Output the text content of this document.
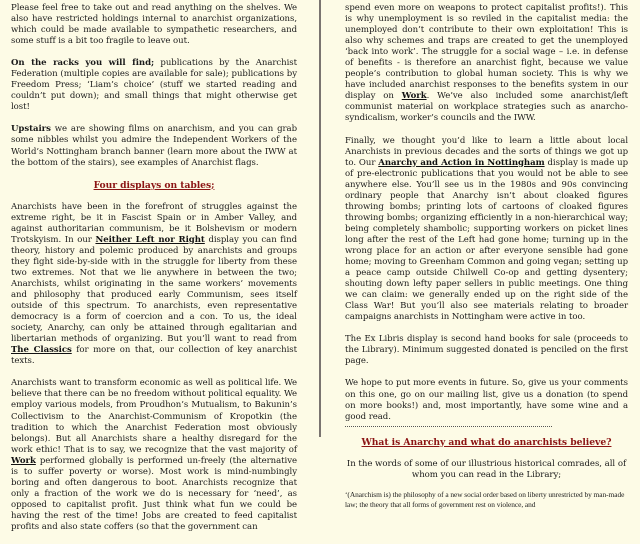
Please feel free to take out and read anything on the shelves. We also have restricted holdings internal to anarchist organizations, which could be made available to sympathetic researchers, and some stuff is a bit too fragile to leave out.

On the racks you will find; publications by the Anarchist Federation (multiple copies are available for sale); publications by Freedom Press; ‘Liam’s choice’ (stuff we started reading and couldn’t put down); and small things that might otherwise get lost!

Upstairs we are showing films on anarchism, and you can grab some nibbles whilst you admire the Independent Workers of the World’s Nottingham branch banner (learn more about the IWW at the bottom of the stairs), see examples of Anarchist flags.

Four displays on tables;

Anarchists have been in the forefront of struggles against the extreme right, be it in Fascist Spain or in Amber Valley, and against authoritarian communism, be it Bolshevism or modern Trotskyism. In our Neither Left nor Right display you can find theory, history and polemic produced by anarchists and groups they fight side-by-side with in the struggle for liberty from these two extremes. Not that we lie anywhere in between the two; Anarchists, whilst originating in the same workers’ movements and philosophy that produced early Communism, sees itself outside of this spectrum. To anarchists, even representative democracy is a form of coercion and a con. To us, the ideal society, Anarchy, can only be attained through egalitarian and libertarian methods of organizing. But you’ll want to read from The Classics for more on that, our collection of key anarchist texts.

Anarchists want to transform economic as well as political life. We believe that there can be no freedom without political equality. We employ various models, from Proudhon’s Mutualism, to Bakunin’s Collectivism to the Anarchist-Communism of Kropotkin (the tradition to which the Anarchist Federation most obviously belongs). But all Anarchists share a healthy disregard for the work ethic! That is to say, we recognize that the vast majority of Work performed globally is performed un-freely (the alternative is to suffer poverty or worse). Most work is mind-numbingly boring and often dangerous to boot. Anarchists recognize that only a fraction of the work we do is necessary for ‘need’, as opposed to capitalist profit. Just think what fun we could be having the rest of the time! Jobs are created to feed capitalist profits and also state coffers (so that the government can

spend even more on weapons to protect capitalist profits!). This is why unemployment is so reviled in the capitalist media: the unemployed don’t contribute to their own exploitation! This is also why schemes and traps are created to get the unemployed ‘back into work’. The struggle for a social wage – i.e. in defense of benefits - is therefore an anarchist fight, because we value people’s contribution to global human society. This is why we have included anarchist responses to the benefits system in our display on Work. We’ve also included some anarchist/left communist material on workplace strategies such as anarcho-syndicalism, worker’s councils and the IWW.

Finally, we thought you’d like to learn a little about local Anarchists in previous decades and the sorts of things we got up to. Our Anarchy and Action in Nottingham display is made up of pre-electronic publications that you would not be able to see anywhere else. You’ll see us in the 1980s and 90s convincing ordinary people that Anarchy isn’t about cloaked figures throwing bombs; printing lots of cartoons of cloaked figures throwing bombs; organizing efficiently in a non-hierarchical way; being completely shambolic; supporting workers on picket lines long after the rest of the Left had gone home; turning up in the wrong place for an action or after everyone sensible had gone home; moving to Greenham Common and going vegan; setting up a peace camp outside Chilwell Co-op and getting dysentery; shouting down lefty paper sellers in public meetings. One thing we can claim: we generally ended up on the right side of the Class War! But you’ll also see materials relating to broader campaigns anarchists in Nottingham were active in too.

The Ex Libris display is second hand books for sale (proceeds to the Library). Minimum suggested donated is penciled on the first page.

We hope to put more events in future. So, give us your comments on this one, go on our mailing list, give us a donation (to spend on more books!) and, most importantly, have some wine and a good read.

What is Anarchy and what do anarchists believe?
In the words of some of our illustrious historical comrades, all of whom you can read in the Library;
‘(Anarchism is) the philosophy of a new social order based on liberty unrestricted by man-made law; the theory that all forms of government rest on violence, and
